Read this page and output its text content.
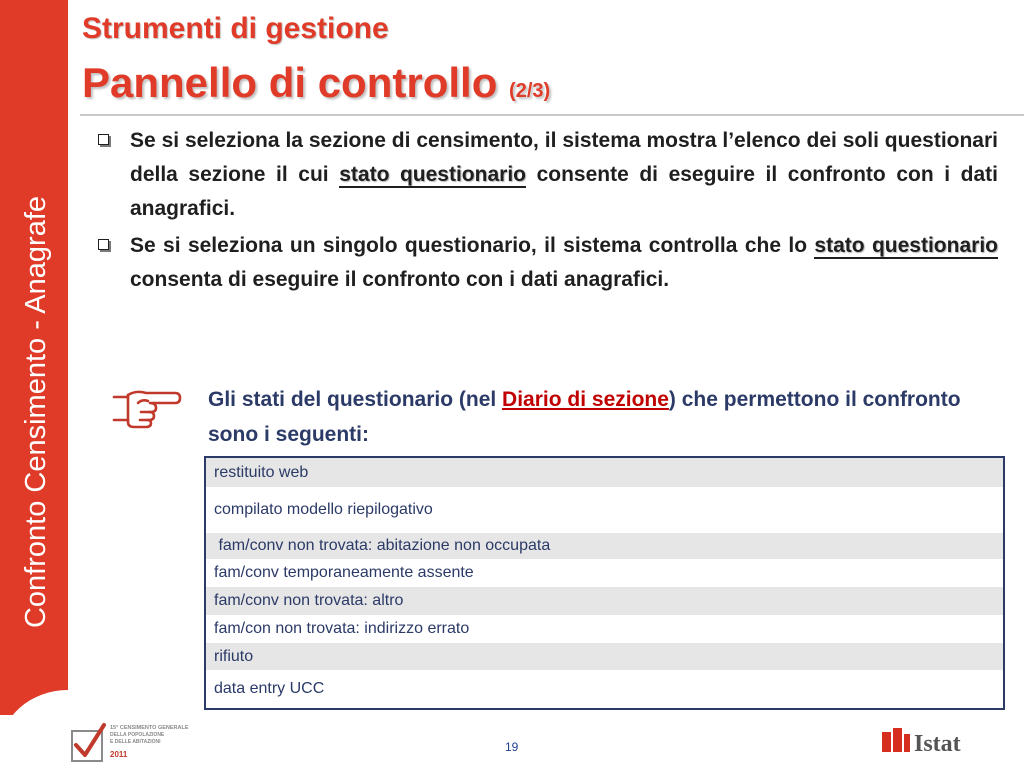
Confronto Censimento - Anagrafe
Strumenti di gestione
Pannello di controllo (2/3)
Se si seleziona la sezione di censimento, il sistema mostra l’elenco dei soli questionari della sezione il cui stato questionario consente di eseguire il confronto con i dati anagrafici.
Se si seleziona un singolo questionario, il sistema controlla che lo stato questionario consenta di eseguire il confronto con i dati anagrafici.
Gli stati del questionario (nel Diario di sezione) che permettono il confronto sono i seguenti:
restituito web
compilato modello riepilogativo
fam/conv non trovata: abitazione non occupata
fam/conv temporaneamente assente
fam/conv non trovata: altro
fam/con non trovata: indirizzo errato
rifiuto
data entry UCC
19
15° CENSIMENTO GENERALE
DELLA POPOLAZIONE
E DELLE ABITAZIONI
2011	Istat
